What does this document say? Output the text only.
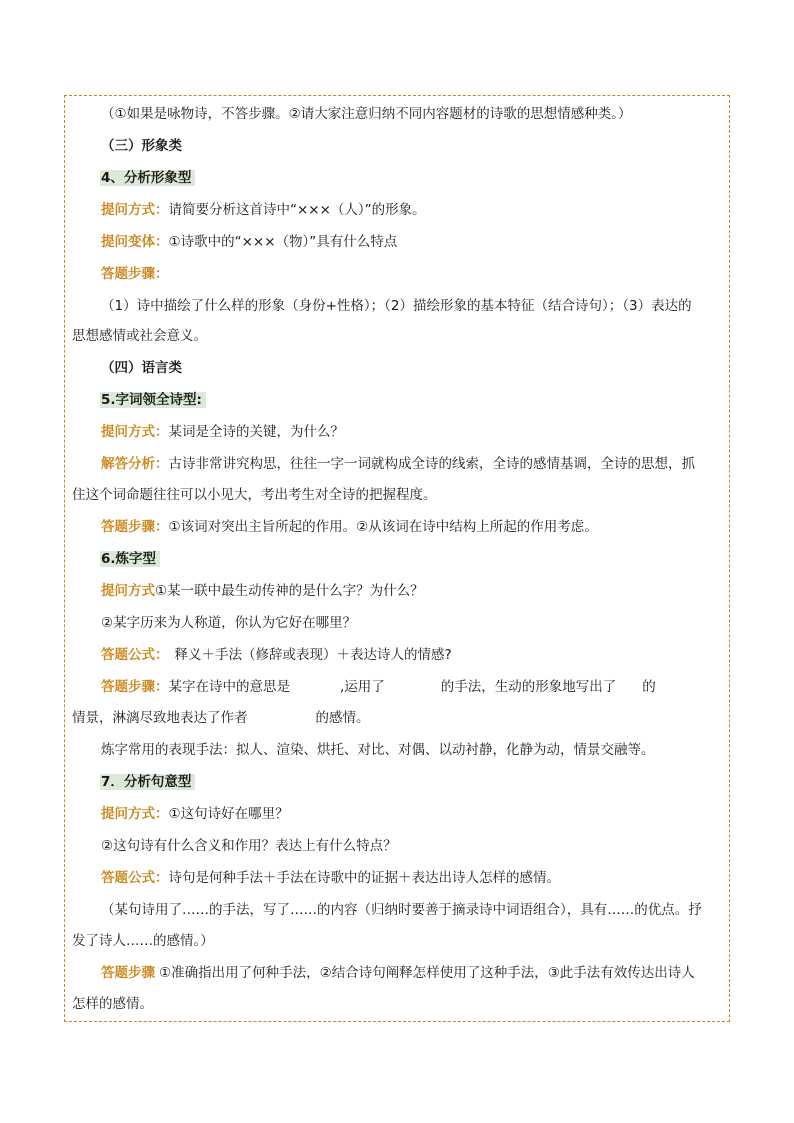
（①如果是咏物诗，不答步骤。②请大家注意归纳不同内容题材的诗歌的思想情感种类。）

（三）形象类

4、分析形象型

提问方式：请简要分析这首诗中“×××（人）”的形象。

提问变体：①诗歌中的“×××（物）”具有什么特点

答题步骤：

（1）诗中描绘了什么样的形象（身份+性格）；（2）描绘形象的基本特征（结合诗句）；（3）表达的

思想感情或社会意义。

（四）语言类

5.字词领全诗型:

提问方式：某词是全诗的关键，为什么？

解答分析：古诗非常讲究构思，往往一字一词就构成全诗的线索，全诗的感情基调，全诗的思想，抓

住这个词命题往往可以小见大，考出考生对全诗的把握程度。

答题步骤：①该词对突出主旨所起的作用。②从该词在诗中结构上所起的作用考虑。

6.炼字型

提问方式①某一联中最生动传神的是什么字？为什么？

②某字历来为人称道，你认为它好在哪里？

答题公式： 释义＋手法（修辞或表现）＋表达诗人的情感?

答题步骤：某字在诗中的意思是	,运用了	的手法，生动的形象地写出了 的

情景，淋漓尽致地表达了作者	的感情。

炼字常用的表现手法：拟人、渲染、烘托、对比、对偶、以动衬静，化静为动，情景交融等。

7．分析句意型

提问方式：①这句诗好在哪里？

②这句诗有什么含义和作用？表达上有什么特点？

答题公式：诗句是何种手法＋手法在诗歌中的证据＋表达出诗人怎样的感情。

（某句诗用了……的手法，写了……的内容（归纳时要善于摘录诗中词语组合），具有……的优点。抒

发了诗人……的感情。）

答题步骤 ①准确指出用了何种手法，②结合诗句阐释怎样使用了这种手法，③此手法有效传达出诗人

怎样的感情。
